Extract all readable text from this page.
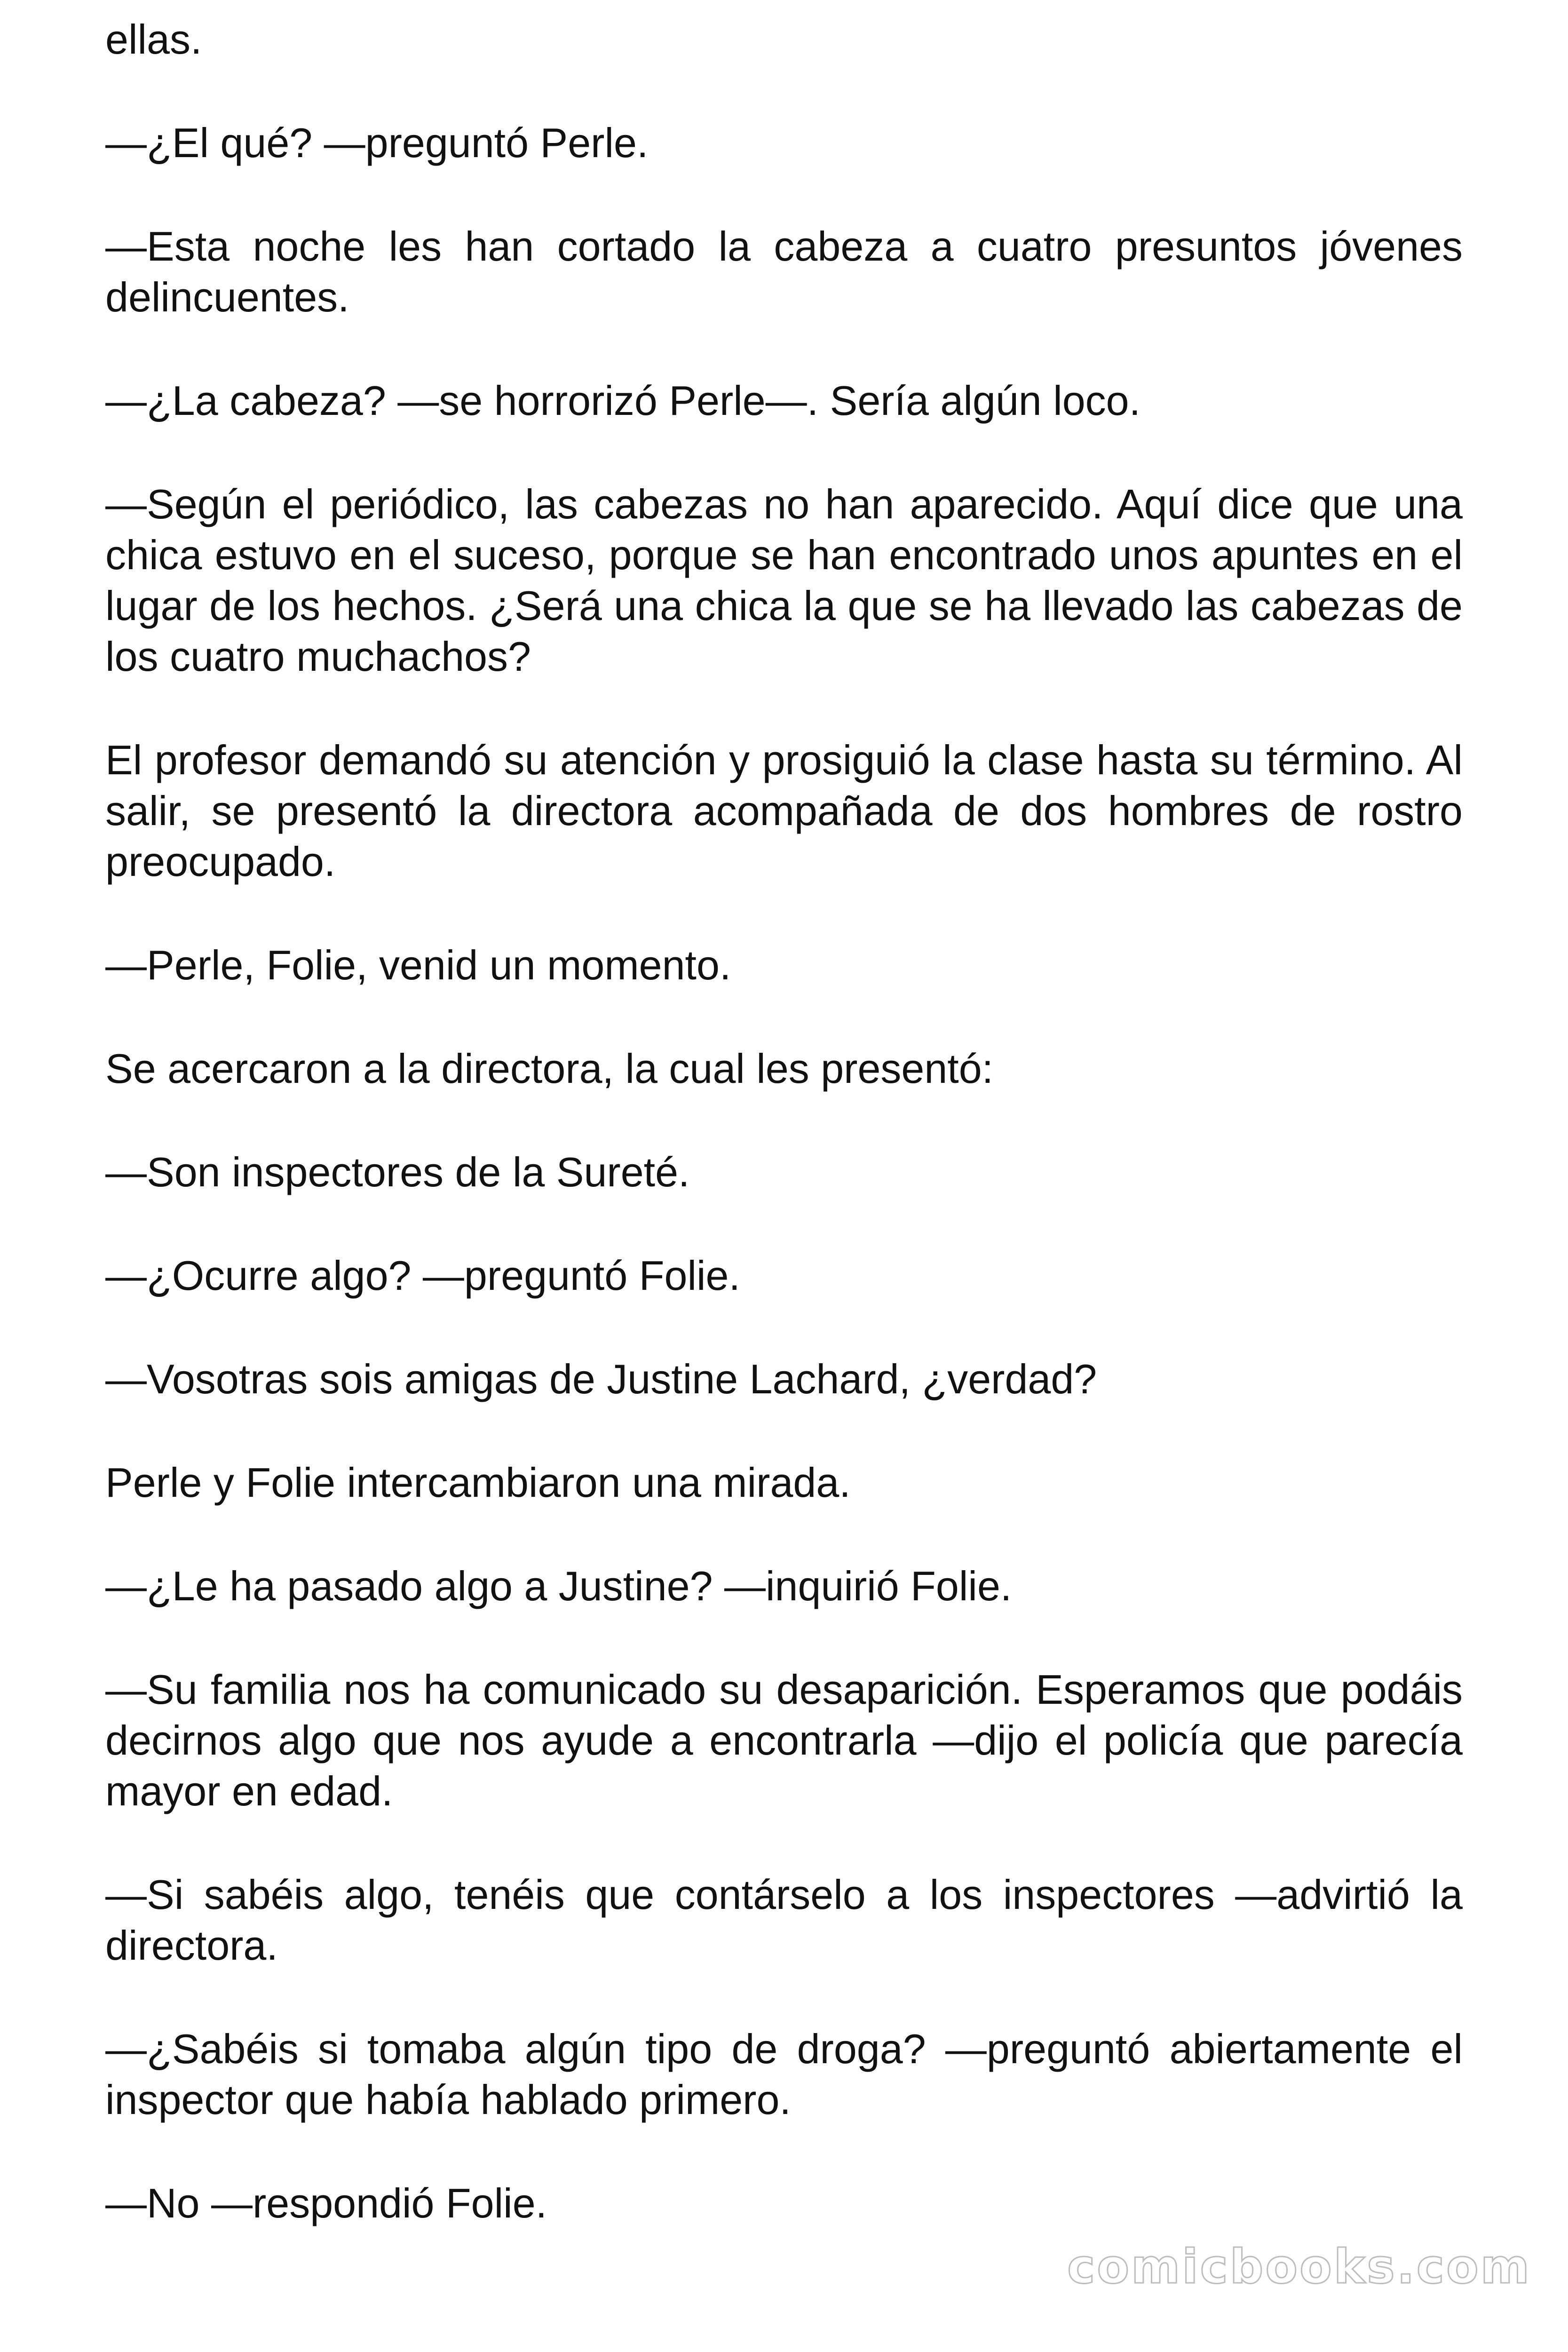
ellas.

—¿El qué? —preguntó Perle.

—Esta noche les han cortado la cabeza a cuatro presuntos jóvenes delincuentes.

—¿La cabeza? —se horrorizó Perle—. Sería algún loco.

—Según el periódico, las cabezas no han aparecido. Aquí dice que una chica estuvo en el suceso, porque se han encontrado unos apuntes en el lugar de los hechos. ¿Será una chica la que se ha llevado las cabezas de los cuatro muchachos?

El profesor demandó su atención y prosiguió la clase hasta su término. Al salir, se presentó la directora acompañada de dos hombres de rostro preocupado.

—Perle, Folie, venid un momento.

Se acercaron a la directora, la cual les presentó:

—Son inspectores de la Sureté.

—¿Ocurre algo? —preguntó Folie.

—Vosotras sois amigas de Justine Lachard, ¿verdad?

Perle y Folie intercambiaron una mirada.

—¿Le ha pasado algo a Justine? —inquirió Folie.

—Su familia nos ha comunicado su desaparición. Esperamos que podáis decirnos algo que nos ayude a encontrarla —dijo el policía que parecía mayor en edad.

—Si sabéis algo, tenéis que contárselo a los inspectores —advirtió la directora.

—¿Sabéis si tomaba algún tipo de droga? —preguntó abiertamente el inspector que había hablado primero.

—No —respondió Folie.

comicbooks.com
